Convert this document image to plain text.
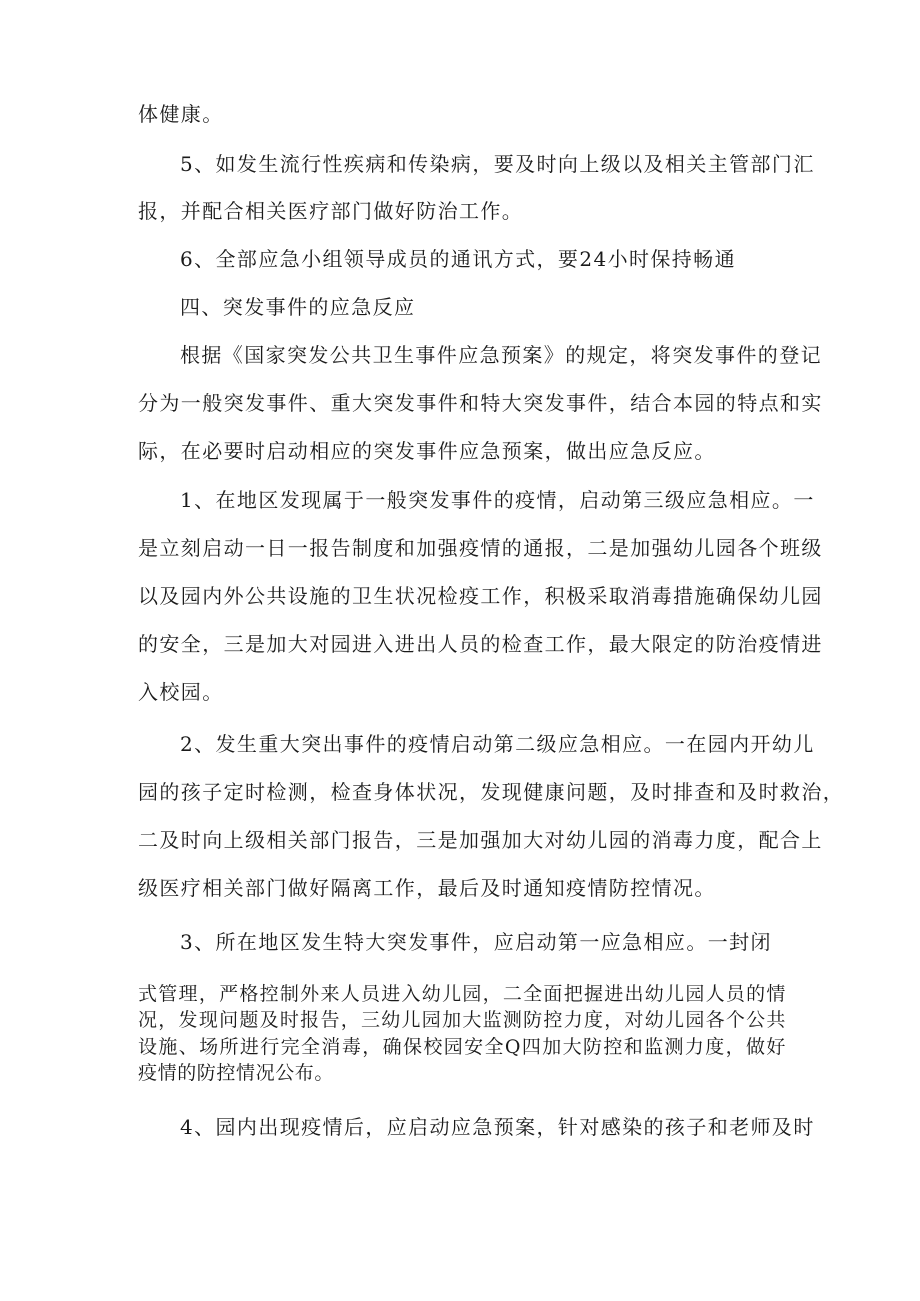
体健康。
5、如发生流行性疾病和传染病，要及时向上级以及相关主管部门汇
报，并配合相关医疗部门做好防治工作。
6、全部应急小组领导成员的通讯方式，要24小时保持畅通
四、突发事件的应急反应
根据《国家突发公共卫生事件应急预案》的规定，将突发事件的登记
分为一般突发事件、重大突发事件和特大突发事件，结合本园的特点和实
际，在必要时启动相应的突发事件应急预案，做出应急反应。
1、在地区发现属于一般突发事件的疫情，启动第三级应急相应。一
是立刻启动一日一报告制度和加强疫情的通报，二是加强幼儿园各个班级
以及园内外公共设施的卫生状况检疫工作，积极采取消毒措施确保幼儿园
的安全，三是加大对园进入进出人员的检查工作，最大限定的防治疫情进
入校园。
2、发生重大突出事件的疫情启动第二级应急相应。一在园内开幼儿
园的孩子定时检测，检查身体状况，发现健康问题，及时排查和及时救治，
二及时向上级相关部门报告，三是加强加大对幼儿园的消毒力度，配合上
级医疗相关部门做好隔离工作，最后及时通知疫情防控情况。
3、所在地区发生特大突发事件，应启动第一应急相应。一封闭
式管理，严格控制外来人员进入幼儿园，二全面把握进出幼儿园人员的情
况，发现问题及时报告，三幼儿园加大监测防控力度，对幼儿园各个公共
设施、场所进行完全消毒，确保校园安全Q四加大防控和监测力度，做好
疫情的防控情况公布。
4、园内出现疫情后，应启动应急预案，针对感染的孩子和老师及时
